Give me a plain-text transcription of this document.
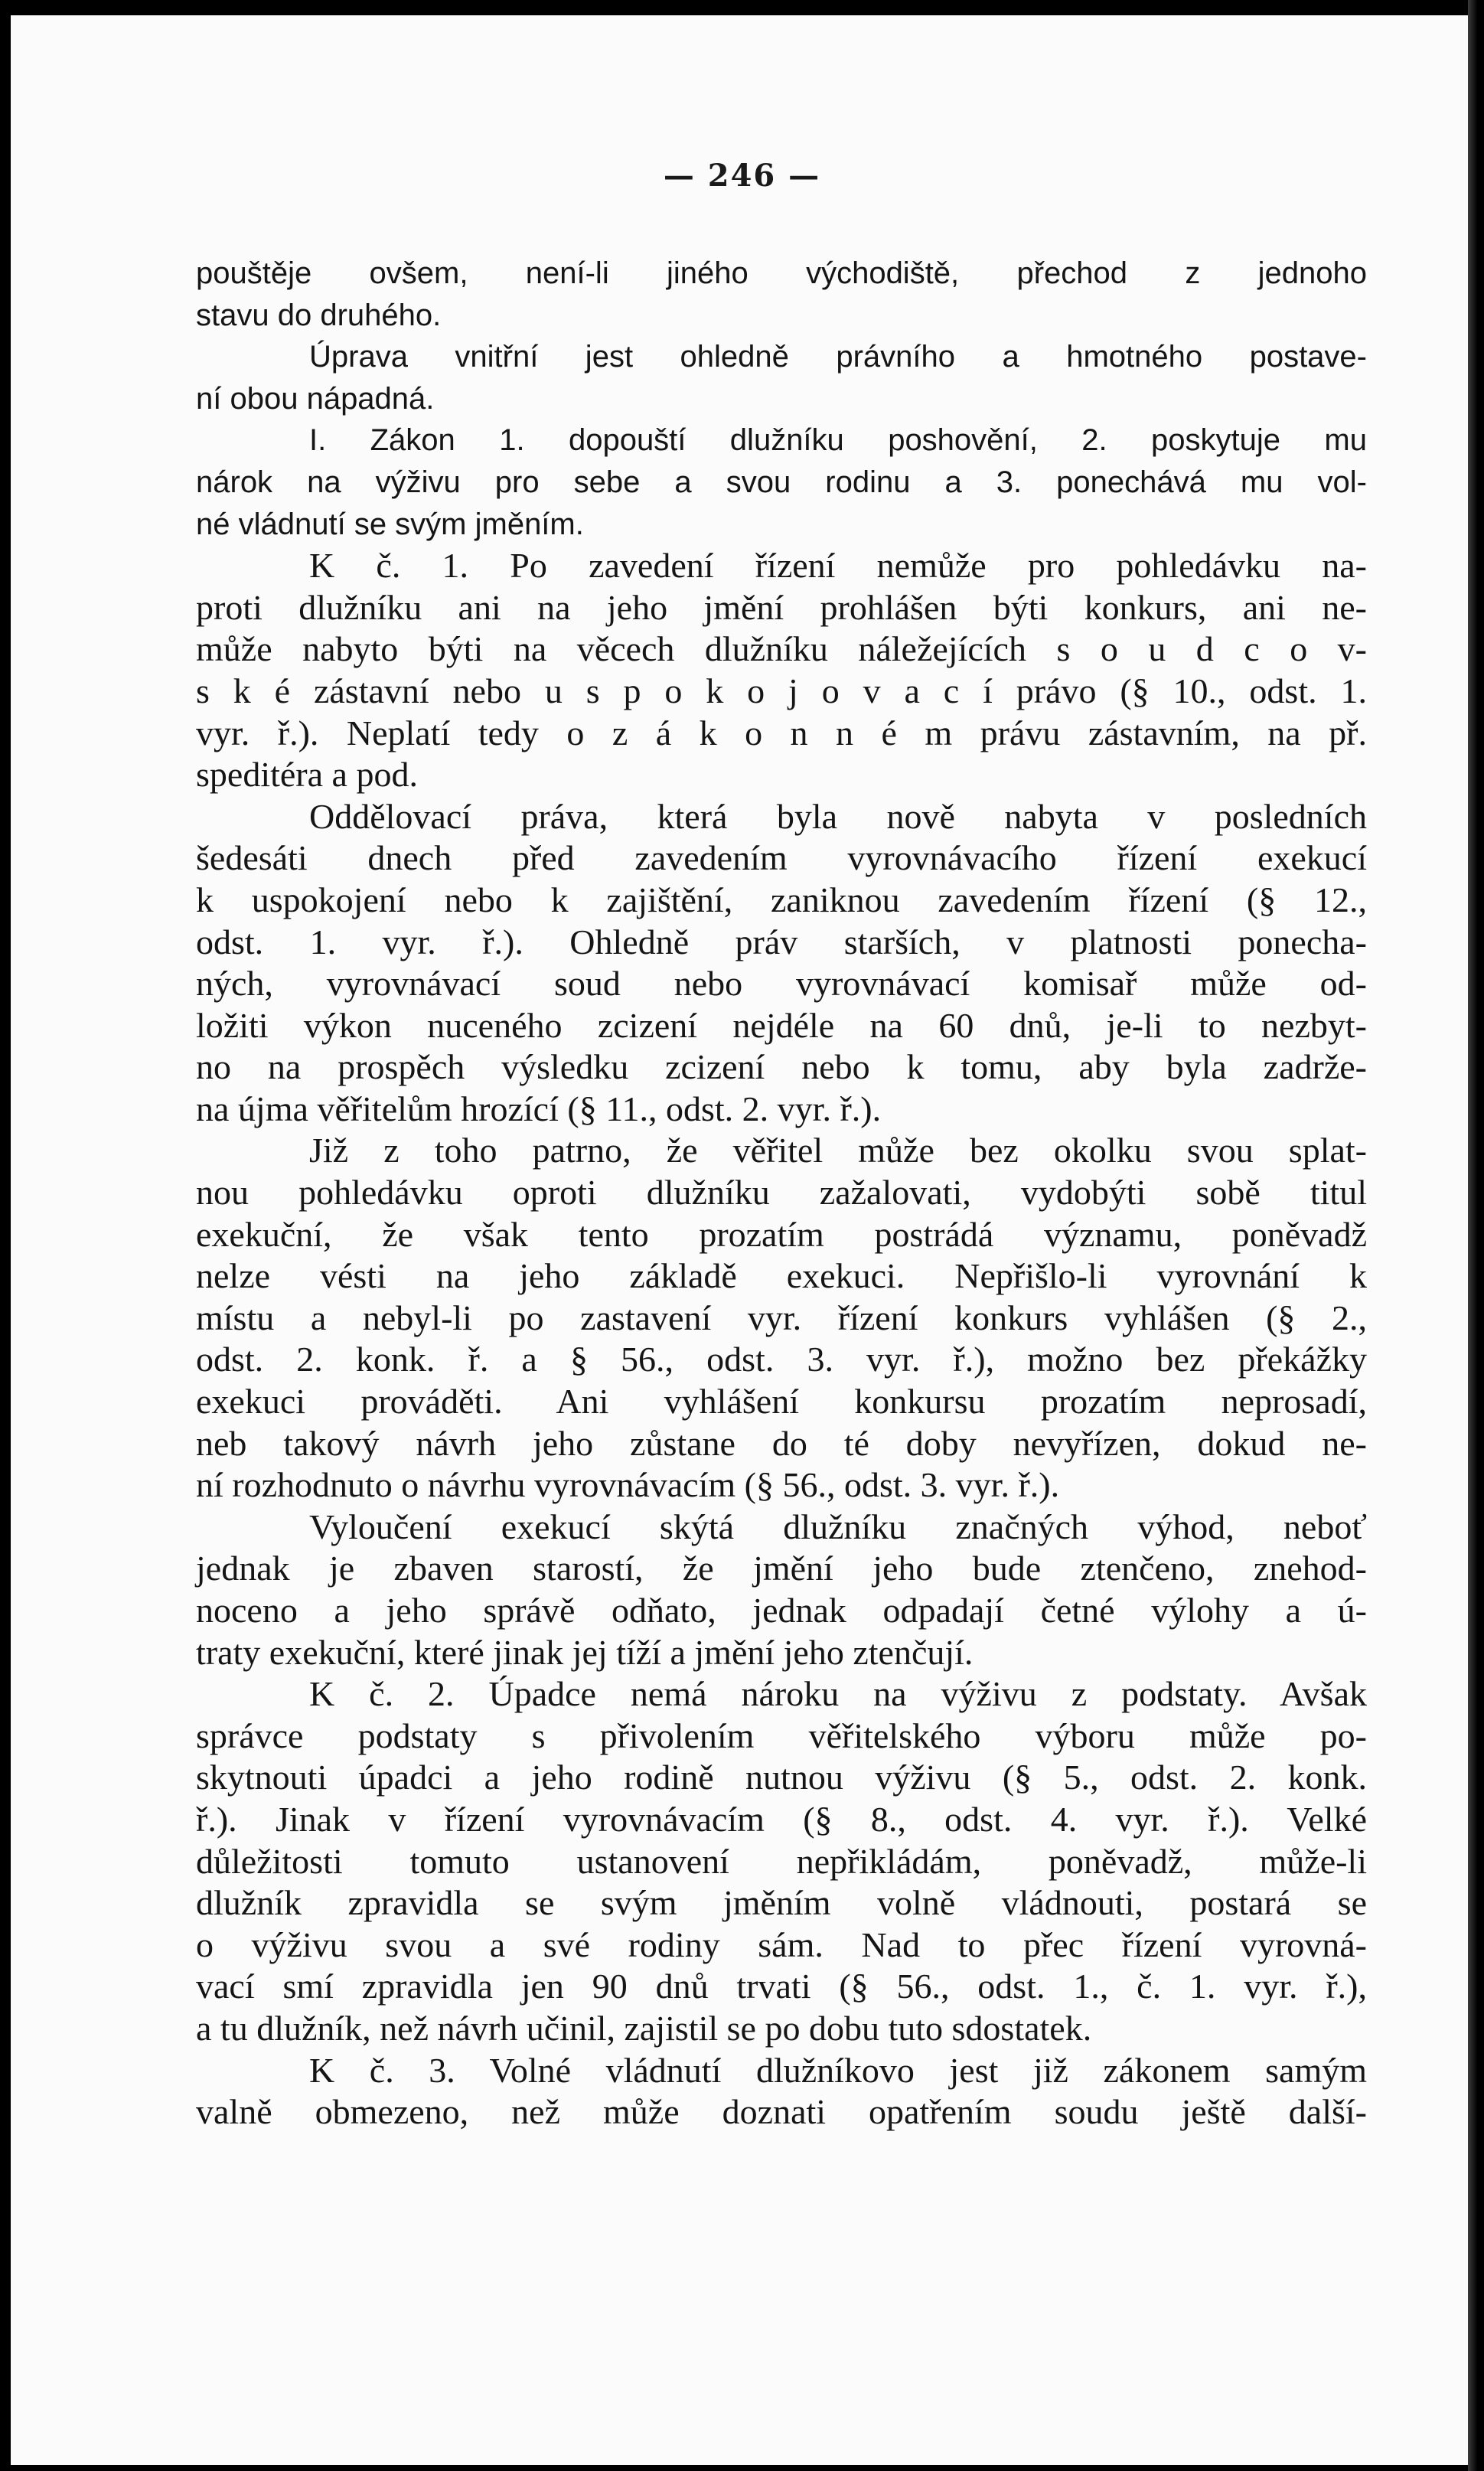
— 246 —
pouštěje ovšem, není-li jiného východiště, přechod z jednoho
stavu do druhého.
Úprava vnitřní jest ohledně právního a hmotného postave-
ní obou nápadná.
I. Zákon 1. dopouští dlužníku poshovění, 2. poskytuje mu
nárok na výživu pro sebe a svou rodinu a 3. ponechává mu vol-
né vládnutí se svým jměním.
K č. 1. Po zavedení řízení nemůže pro pohledávku na-
proti dlužníku ani na jeho jmění prohlášen býti konkurs, ani ne-
může nabyto býti na věcech dlužníku náležejících s o u d c o v-
s k é zástavní nebo u s p o k o j o v a c í právo (§ 10., odst. 1.
vyr. ř.). Neplatí tedy o z á k o n n é m právu zástavním, na př.
speditéra a pod.
Oddělovací práva, která byla nově nabyta v posledních
šedesáti dnech před zavedením vyrovnávacího řízení exekucí
k uspokojení nebo k zajištění, zaniknou zavedením řízení (§ 12.,
odst. 1. vyr. ř.). Ohledně práv starších, v platnosti ponecha-
ných, vyrovnávací soud nebo vyrovnávací komisař může od-
ložiti výkon nuceného zcizení nejdéle na 60 dnů, je-li to nezbyt-
no na prospěch výsledku zcizení nebo k tomu, aby byla zadrže-
na újma věřitelům hrozící (§ 11., odst. 2. vyr. ř.).
Již z toho patrno, že věřitel může bez okolku svou splat-
nou pohledávku oproti dlužníku zažalovati, vydobýti sobě titul
exekuční, že však tento prozatím postrádá významu, poněvadž
nelze vésti na jeho základě exekuci. Nepřišlo-li vyrovnání k
místu a nebyl-li po zastavení vyr. řízení konkurs vyhlášen (§ 2.,
odst. 2. konk. ř. a § 56., odst. 3. vyr. ř.), možno bez překážky
exekuci prováděti. Ani vyhlášení konkursu prozatím neprosadí,
neb takový návrh jeho zůstane do té doby nevyřízen, dokud ne-
ní rozhodnuto o návrhu vyrovnávacím (§ 56., odst. 3. vyr. ř.).
Vyloučení exekucí skýtá dlužníku značných výhod, neboť
jednak je zbaven starostí, že jmění jeho bude ztenčeno, znehod-
noceno a jeho správě odňato, jednak odpadají četné výlohy a ú-
traty exekuční, které jinak jej tíží a jmění jeho ztenčují.
K č. 2. Úpadce nemá nároku na výživu z podstaty. Avšak
správce podstaty s přivolením věřitelského výboru může po-
skytnouti úpadci a jeho rodině nutnou výživu (§ 5., odst. 2. konk.
ř.). Jinak v řízení vyrovnávacím (§ 8., odst. 4. vyr. ř.). Velké
důležitosti tomuto ustanovení nepřikládám, poněvadž, může-li
dlužník zpravidla se svým jměním volně vládnouti, postará se
o výživu svou a své rodiny sám. Nad to přec řízení vyrovná-
vací smí zpravidla jen 90 dnů trvati (§ 56., odst. 1., č. 1. vyr. ř.),
a tu dlužník, než návrh učinil, zajistil se po dobu tuto sdostatek.
K č. 3. Volné vládnutí dlužníkovo jest již zákonem samým
valně obmezeno, než může doznati opatřením soudu ještě další-
